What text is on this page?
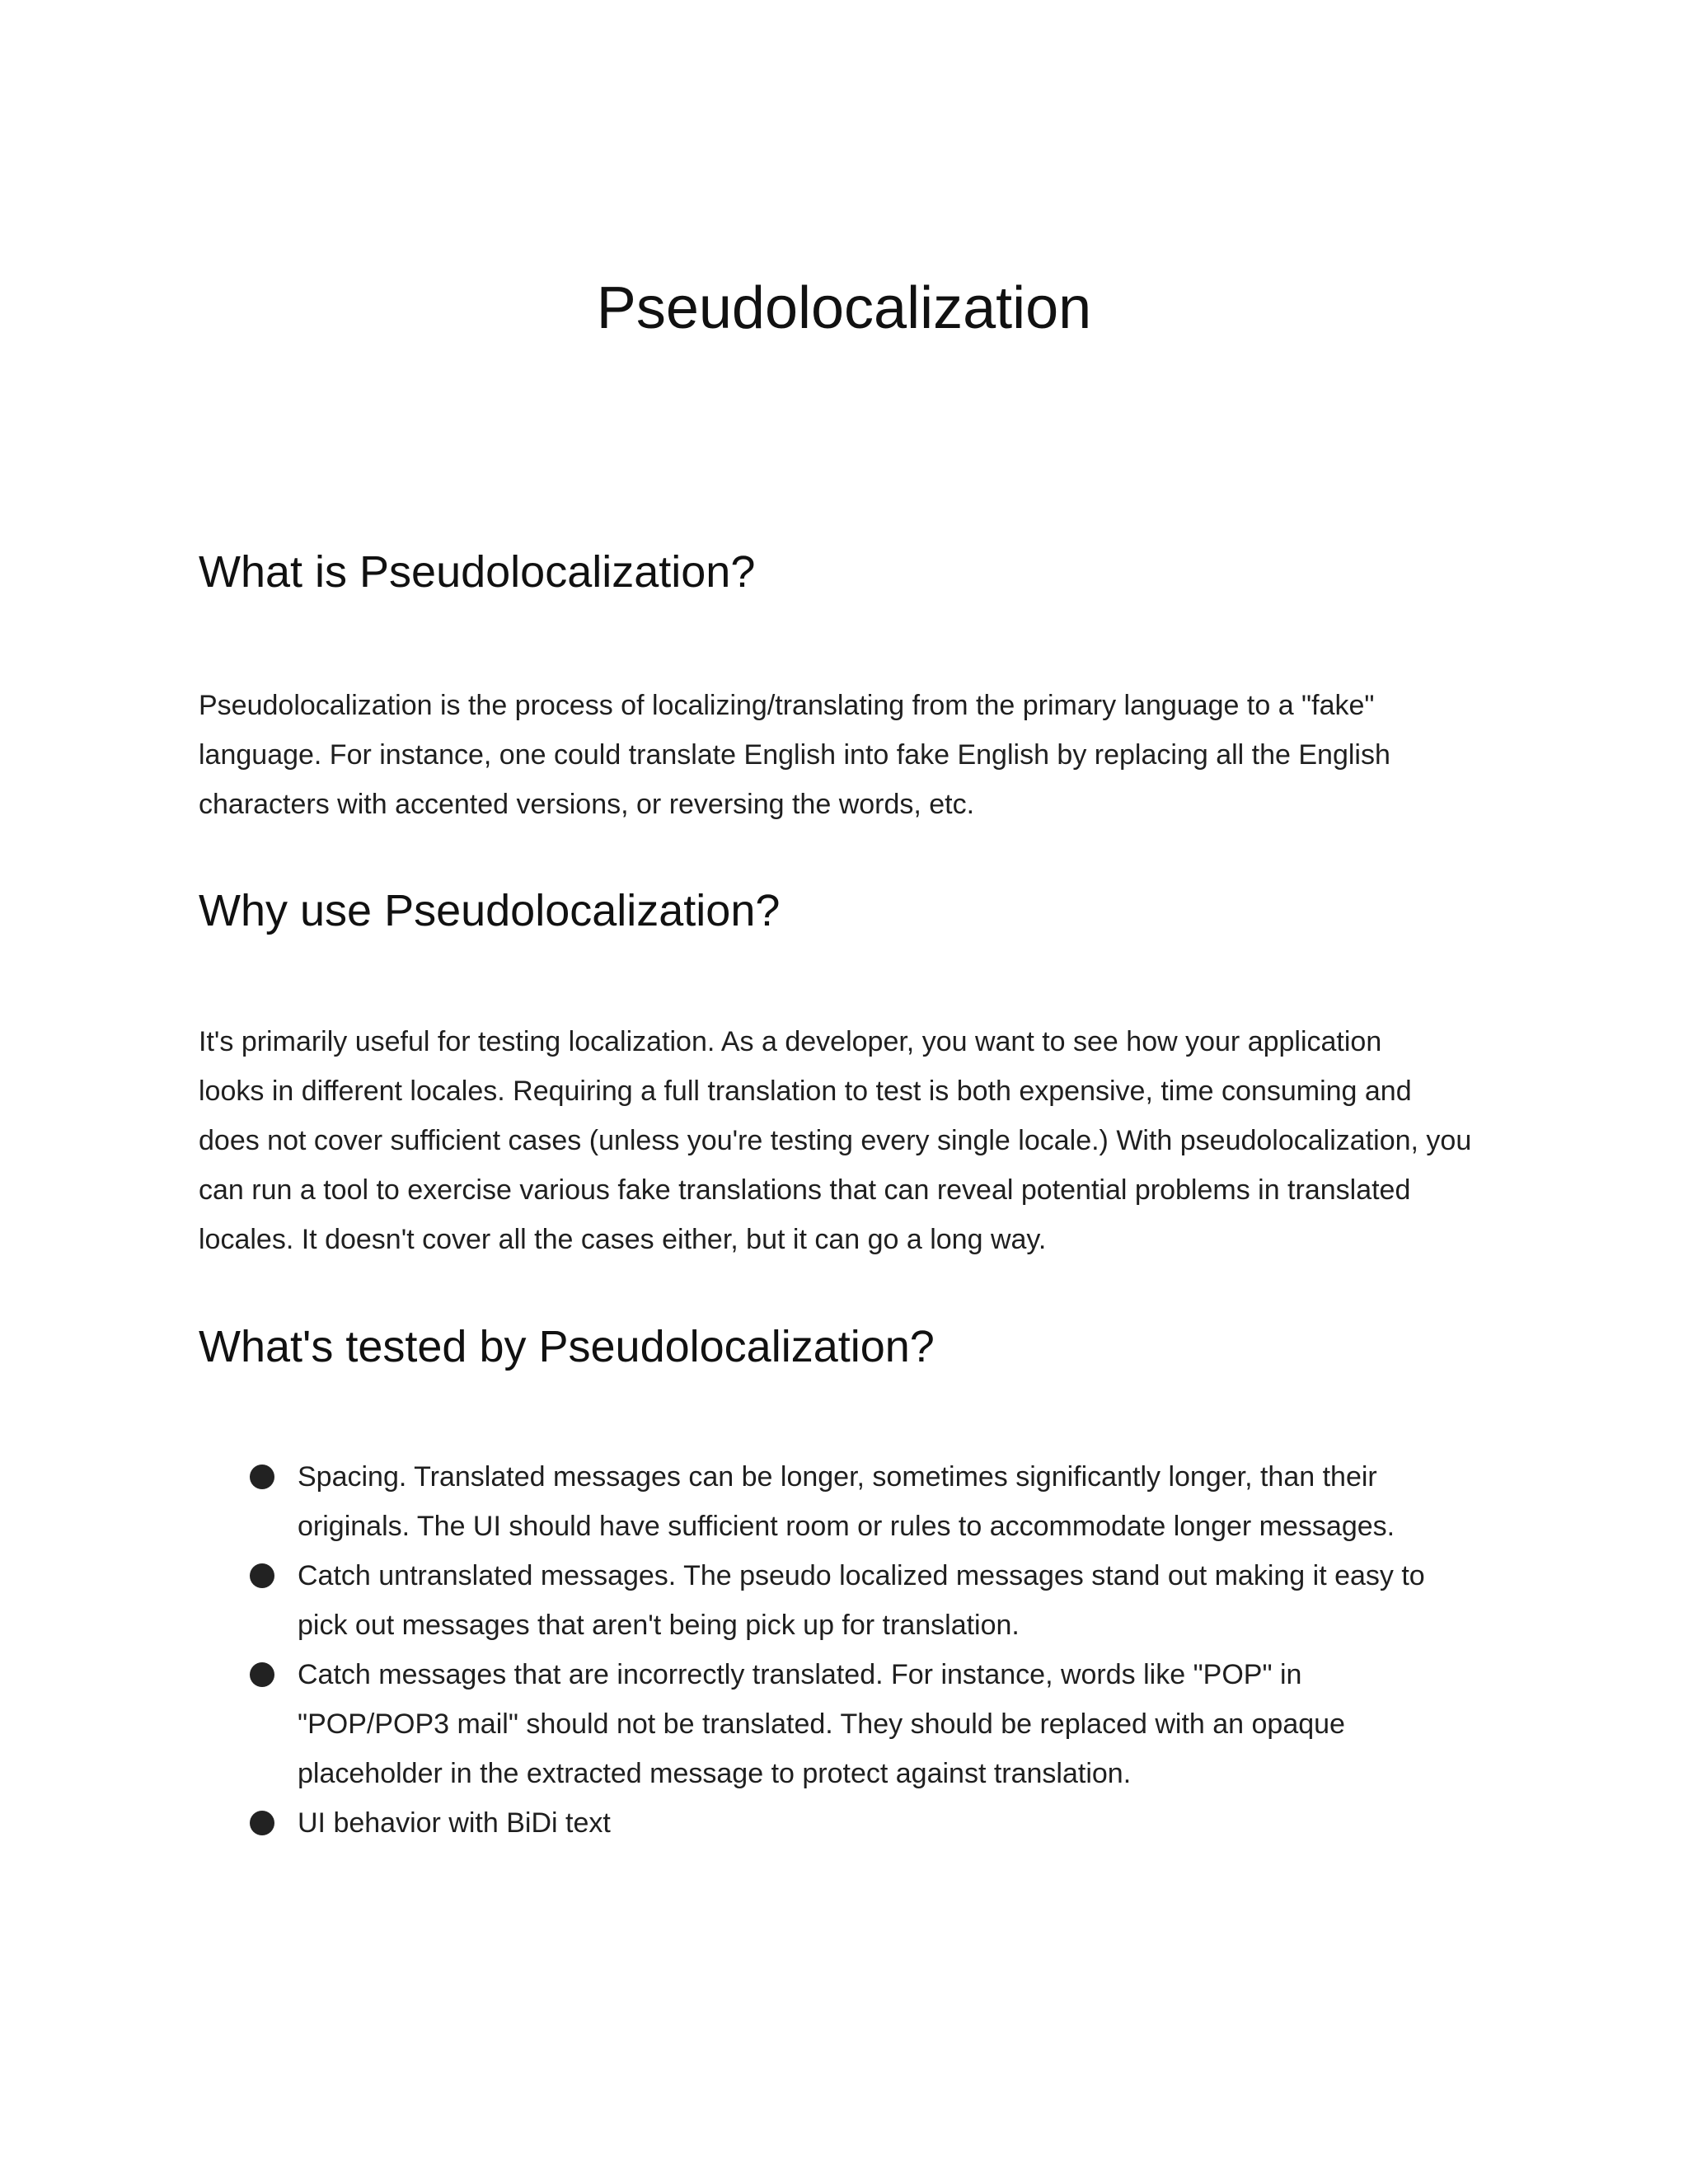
Pseudolocalization
What is Pseudolocalization?

Pseudolocalization is the process of localizing/translating from the primary language to a "fake"
language. For instance, one could translate English into fake English by replacing all the English
characters with accented versions, or reversing the words, etc.

Why use Pseudolocalization?

It's primarily useful for testing localization. As a developer, you want to see how your application
looks in different locales. Requiring a full translation to test is both expensive, time consuming and
does not cover sufficient cases (unless you're testing every single locale.) With pseudolocalization, you
can run a tool to exercise various fake translations that can reveal potential problems in translated
locales. It doesn't cover all the cases either, but it can go a long way.

What's tested by Pseudolocalization?
Spacing. Translated messages can be longer, sometimes significantly longer, than their
originals. The UI should have sufficient room or rules to accommodate longer messages.
Catch untranslated messages. The pseudo localized messages stand out making it easy to
pick out messages that aren't being pick up for translation.
Catch messages that are incorrectly translated. For instance, words like "POP" in
"POP/POP3 mail" should not be translated. They should be replaced with an opaque
placeholder in the extracted message to protect against translation.
UI behavior with BiDi text
